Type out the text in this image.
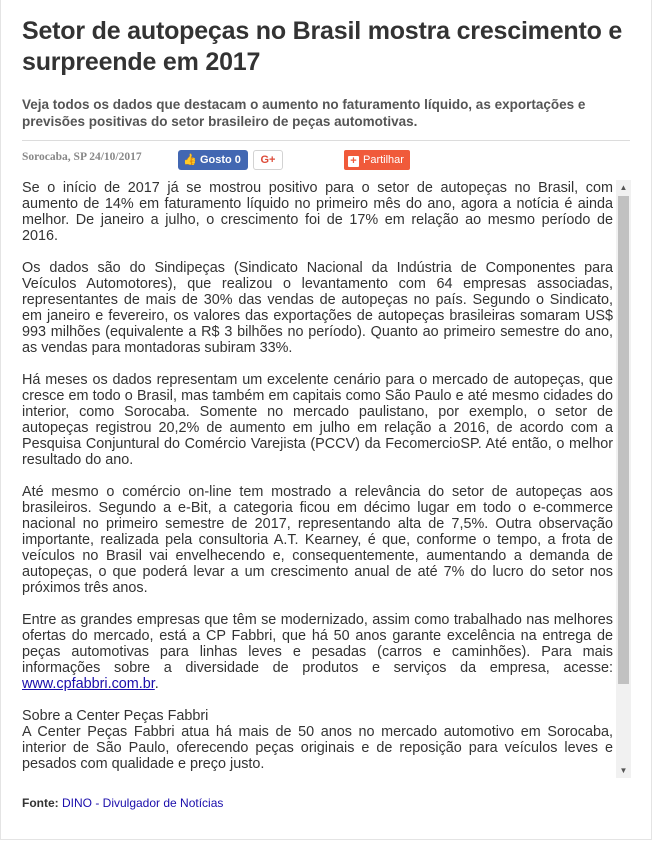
Setor de autopeças no Brasil mostra crescimento e surpreende em 2017
Veja todos os dados que destacam o aumento no faturamento líquido, as exportações e previsões positivas do setor brasileiro de peças automotivas.
Sorocaba, SP 24/10/2017	👍 Gosto 0	G+	+ Partilhar

Se o início de 2017 já se mostrou positivo para o setor de autopeças no Brasil, com aumento de 14% em faturamento líquido no primeiro mês do ano, agora a notícia é ainda melhor. De janeiro a julho, o crescimento foi de 17% em relação ao mesmo período de 2016.

Os dados são do Sindipeças (Sindicato Nacional da Indústria de Componentes para Veículos Automotores), que realizou o levantamento com 64 empresas associadas, representantes de mais de 30% das vendas de autopeças no país. Segundo o Sindicato, em janeiro e fevereiro, os valores das exportações de autopeças brasileiras somaram US$ 993 milhões (equivalente a R$ 3 bilhões no período). Quanto ao primeiro semestre do ano, as vendas para montadoras subiram 33%.

Há meses os dados representam um excelente cenário para o mercado de autopeças, que cresce em todo o Brasil, mas também em capitais como São Paulo e até mesmo cidades do interior, como Sorocaba. Somente no mercado paulistano, por exemplo, o setor de autopeças registrou 20,2% de aumento em julho em relação a 2016, de acordo com a Pesquisa Conjuntural do Comércio Varejista (PCCV) da FecomercioSP. Até então, o melhor resultado do ano.

Até mesmo o comércio on-line tem mostrado a relevância do setor de autopeças aos brasileiros. Segundo a e-Bit, a categoria ficou em décimo lugar em todo o e-commerce nacional no primeiro semestre de 2017, representando alta de 7,5%. Outra observação importante, realizada pela consultoria A.T. Kearney, é que, conforme o tempo, a frota de veículos no Brasil vai envelhecendo e, consequentemente, aumentando a demanda de autopeças, o que poderá levar a um crescimento anual de até 7% do lucro do setor nos próximos três anos.

Entre as grandes empresas que têm se modernizado, assim como trabalhado nas melhores ofertas do mercado, está a CP Fabbri, que há 50 anos garante excelência na entrega de peças automotivas para linhas leves e pesadas (carros e caminhões). Para mais informações sobre a diversidade de produtos e serviços da empresa, acesse: www.cpfabbri.com.br.

Sobre a Center Peças Fabbri

A Center Peças Fabbri atua há mais de 50 anos no mercado automotivo em Sorocaba, interior de São Paulo, oferecendo peças originais e de reposição para veículos leves e pesados com qualidade e preço justo.

▲
▼
Fonte: DINO - Divulgador de Notícias
